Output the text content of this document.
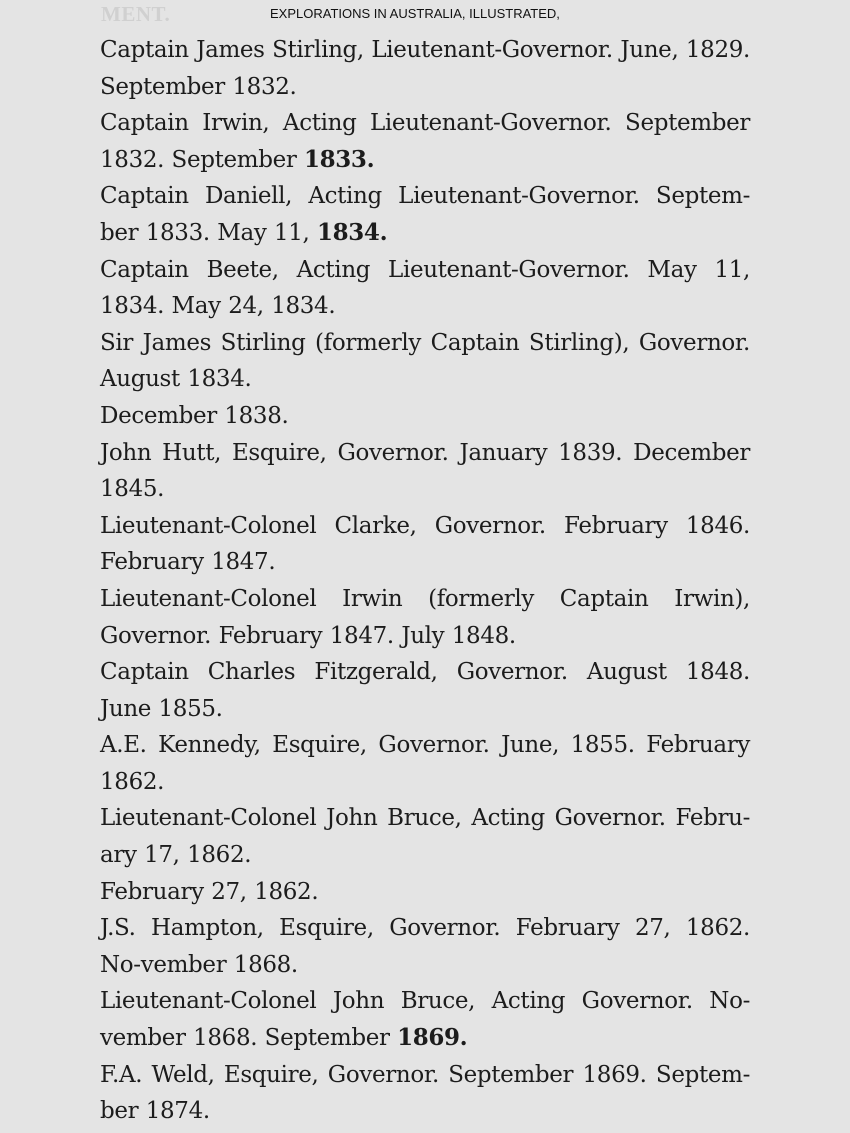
MENT.	EXPLORATIONS IN AUSTRALIA, ILLUSTRATED,

Captain James Stirling, Lieutenant-Governor. June, 1829. September 1832.

Captain Irwin, Acting Lieutenant-Governor. September 1832. September 1833.

Captain Daniell, Acting Lieutenant-Governor. Septem-ber 1833. May 11, 1834.

Captain Beete, Acting Lieutenant-Governor. May 11, 1834. May 24, 1834.

Sir James Stirling (formerly Captain Stirling), Governor. August 1834.

December 1838.

John Hutt, Esquire, Governor. January 1839. December 1845.

Lieutenant-Colonel Clarke, Governor. February 1846. February 1847.

Lieutenant-Colonel Irwin (formerly Captain Irwin), Governor. February 1847. July 1848.

Captain Charles Fitzgerald, Governor. August 1848. June 1855.

A.E. Kennedy, Esquire, Governor. June, 1855. February 1862.

Lieutenant-Colonel John Bruce, Acting Governor. Febru-ary 17, 1862.

February 27, 1862.

J.S. Hampton, Esquire, Governor. February 27, 1862. No-vember 1868.

Lieutenant-Colonel John Bruce, Acting Governor. No-vember 1868. September 1869.

F.A. Weld, Esquire, Governor. September 1869. Septem-ber 1874.
